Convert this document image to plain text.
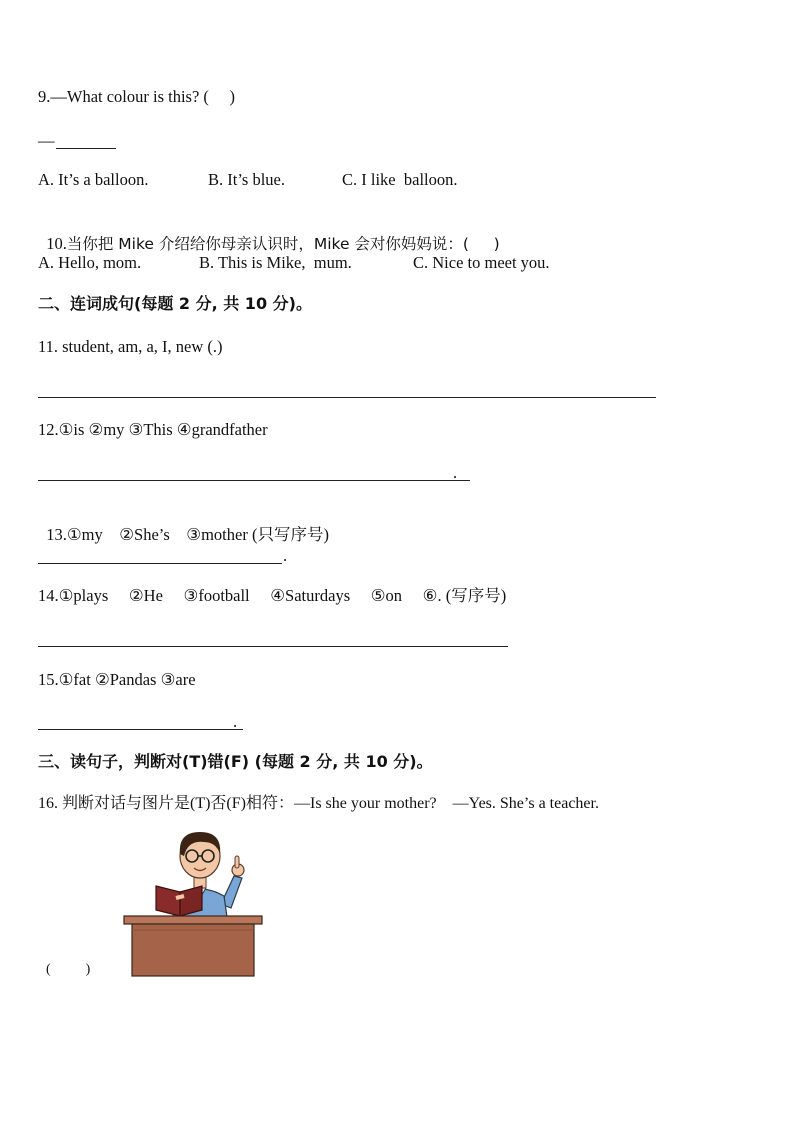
9.—What colour is this? (     )
—
A. It’s a balloon.	B. It’s blue.	C. I like  balloon.

10.当你把 Mike 介绍给你母亲认识时，Mike 会对你妈妈说：(     )

A. Hello, mom.	B. This is Mike,  mum.	C. Nice to meet you.
二、连词成句(每题 2 分, 共 10 分)。
11. student, am, a, I, new (.)
12.①is ②my ③This ④grandfather
.

13.①my    ②She’s    ③mother (只写序号)

.
14.①plays     ②He     ③football     ④Saturdays     ⑤on     ⑥. (写序号)
15.①fat ②Pandas ③are
.
三、读句子，判断对(T)错(F) (每题 2 分, 共 10 分)。
16. 判断对话与图片是(T)否(F)相符：—Is she your mother?    —Yes. She’s a teacher.
(          )
